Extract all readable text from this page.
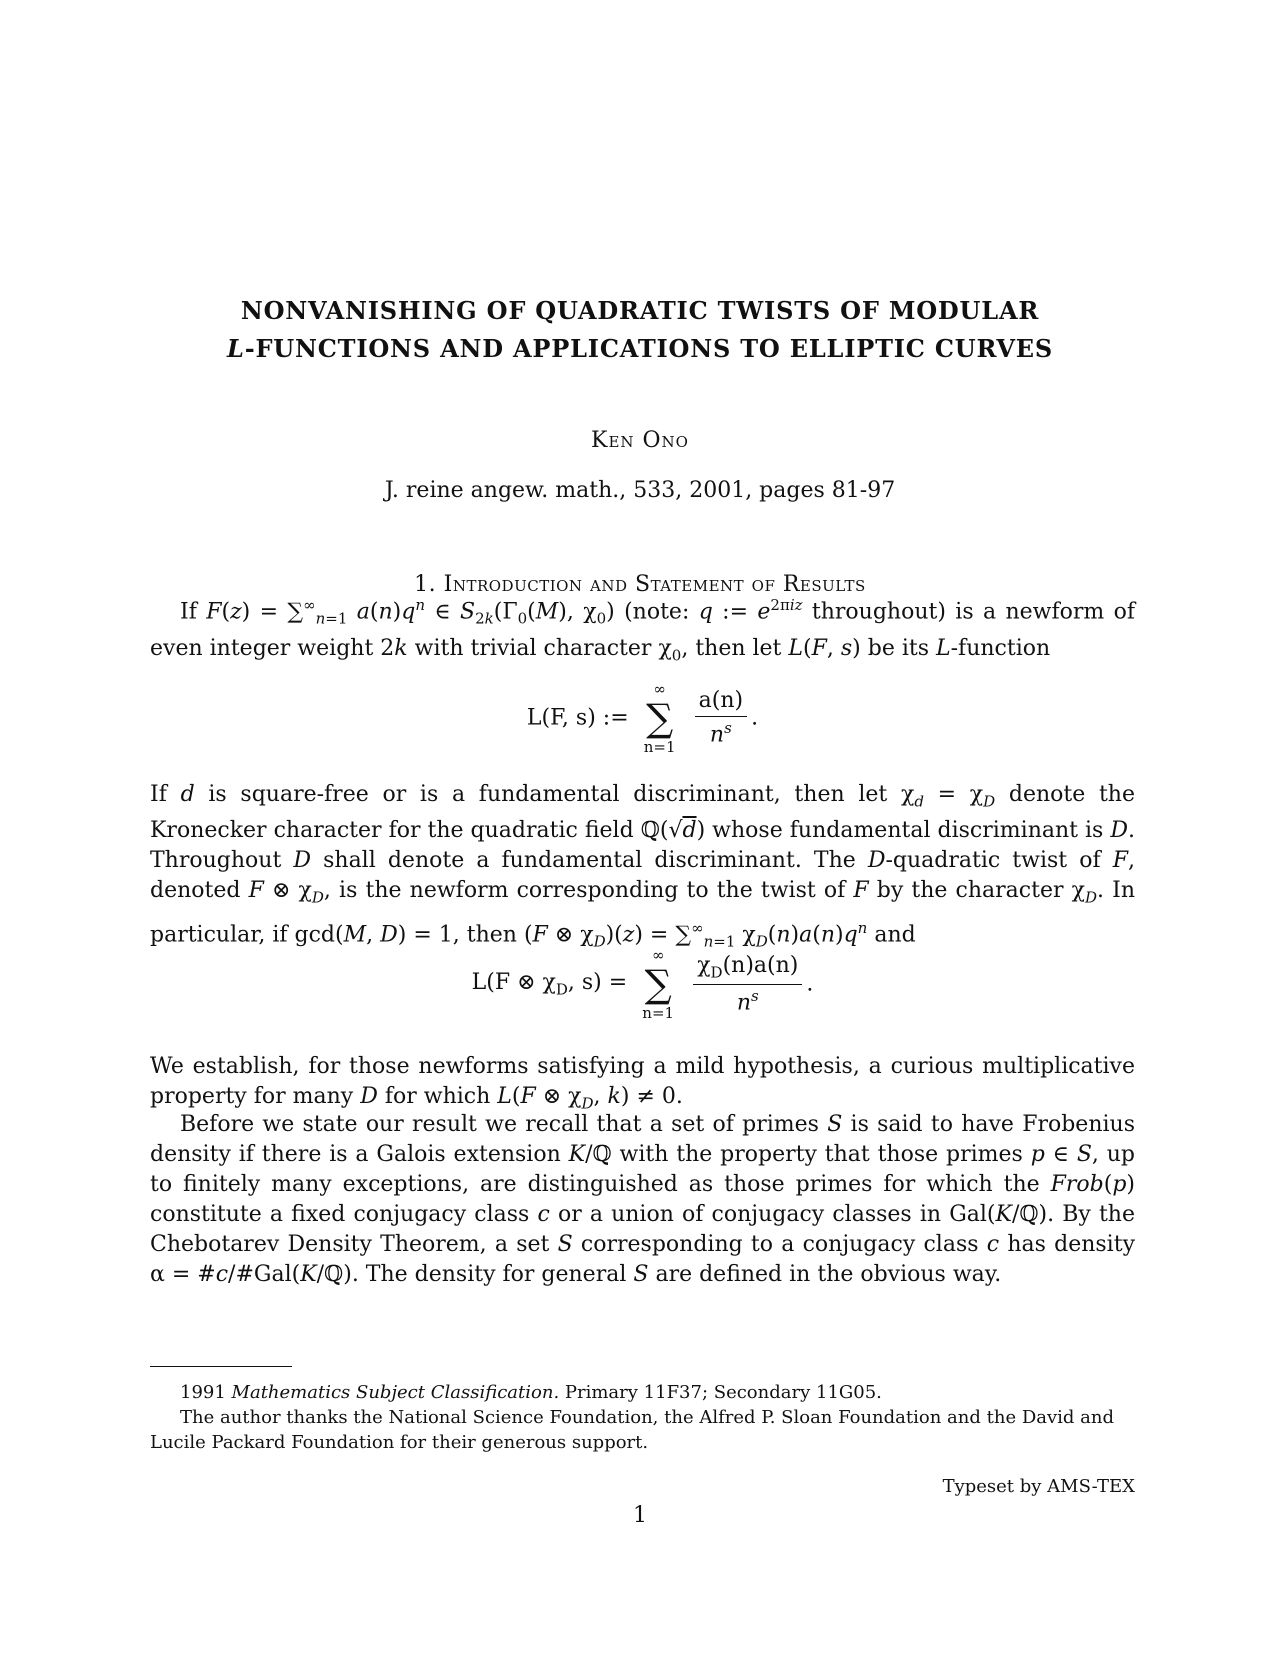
NONVANISHING OF QUADRATIC TWISTS OF MODULAR
L-FUNCTIONS AND APPLICATIONS TO ELLIPTIC CURVES
Ken Ono
J. reine angew. math., 533, 2001, pages 81-97
1. Introduction and Statement of Results
If $F(z) = \sum^\infty_{n=1}$ $a(n)q^n$ ∈ $S_{2k}(\Gamma_0(M)$, $\chi_0$) (note: q := $e^{2\pi iz}$ throughout) is a newform of even integer weight 2k with trivial character $\chi_0$, then let L(F, s) be its L-function
L(F, s) :=
∞
∑
n=1
$\frac{a(n)}{n^s}$ .
If d is square-free or is a fundamental discriminant, then let $\chi_d = \chi_D$ denote the Kronecker character for the quadratic field ℚ(√d) whose fundamental discriminant is D. Throughout D shall denote a fundamental discriminant. The D-quadratic twist of F, denoted F ⊗ $\chi_D$, is the newform corresponding to the twist of F by the character $\chi_D$. In particular, if gcd(M, D) = 1, then (F ⊗ $\chi_D)(z) = \sum^\infty_{n=1}$ $\chi_D(n)a(n)q^n$ and
L(F ⊗ $\chi_D$, s) =
∞
∑
n=1
$\frac{\chi_D(n)a(n)}{n^s}$ .
We establish, for those newforms satisfying a mild hypothesis, a curious multiplicative property for many D for which L(F ⊗ $\chi_D$, k) ≠ 0.
Before we state our result we recall that a set of primes S is said to have Frobenius density if there is a Galois extension K/ℚ with the property that those primes p ∈ S, up to finitely many exceptions, are distinguished as those primes for which the Frob(p) constitute a fixed conjugacy class c or a union of conjugacy classes in Gal(K/ℚ). By the Chebotarev Density Theorem, a set S corresponding to a conjugacy class c has density α = #c/#Gal(K/ℚ). The density for general S are defined in the obvious way.
1991 Mathematics Subject Classification. Primary 11F37; Secondary 11G05.
The author thanks the National Science Foundation, the Alfred P. Sloan Foundation and the David and Lucile Packard Foundation for their generous support.
Typeset by AMS-TEX
1
